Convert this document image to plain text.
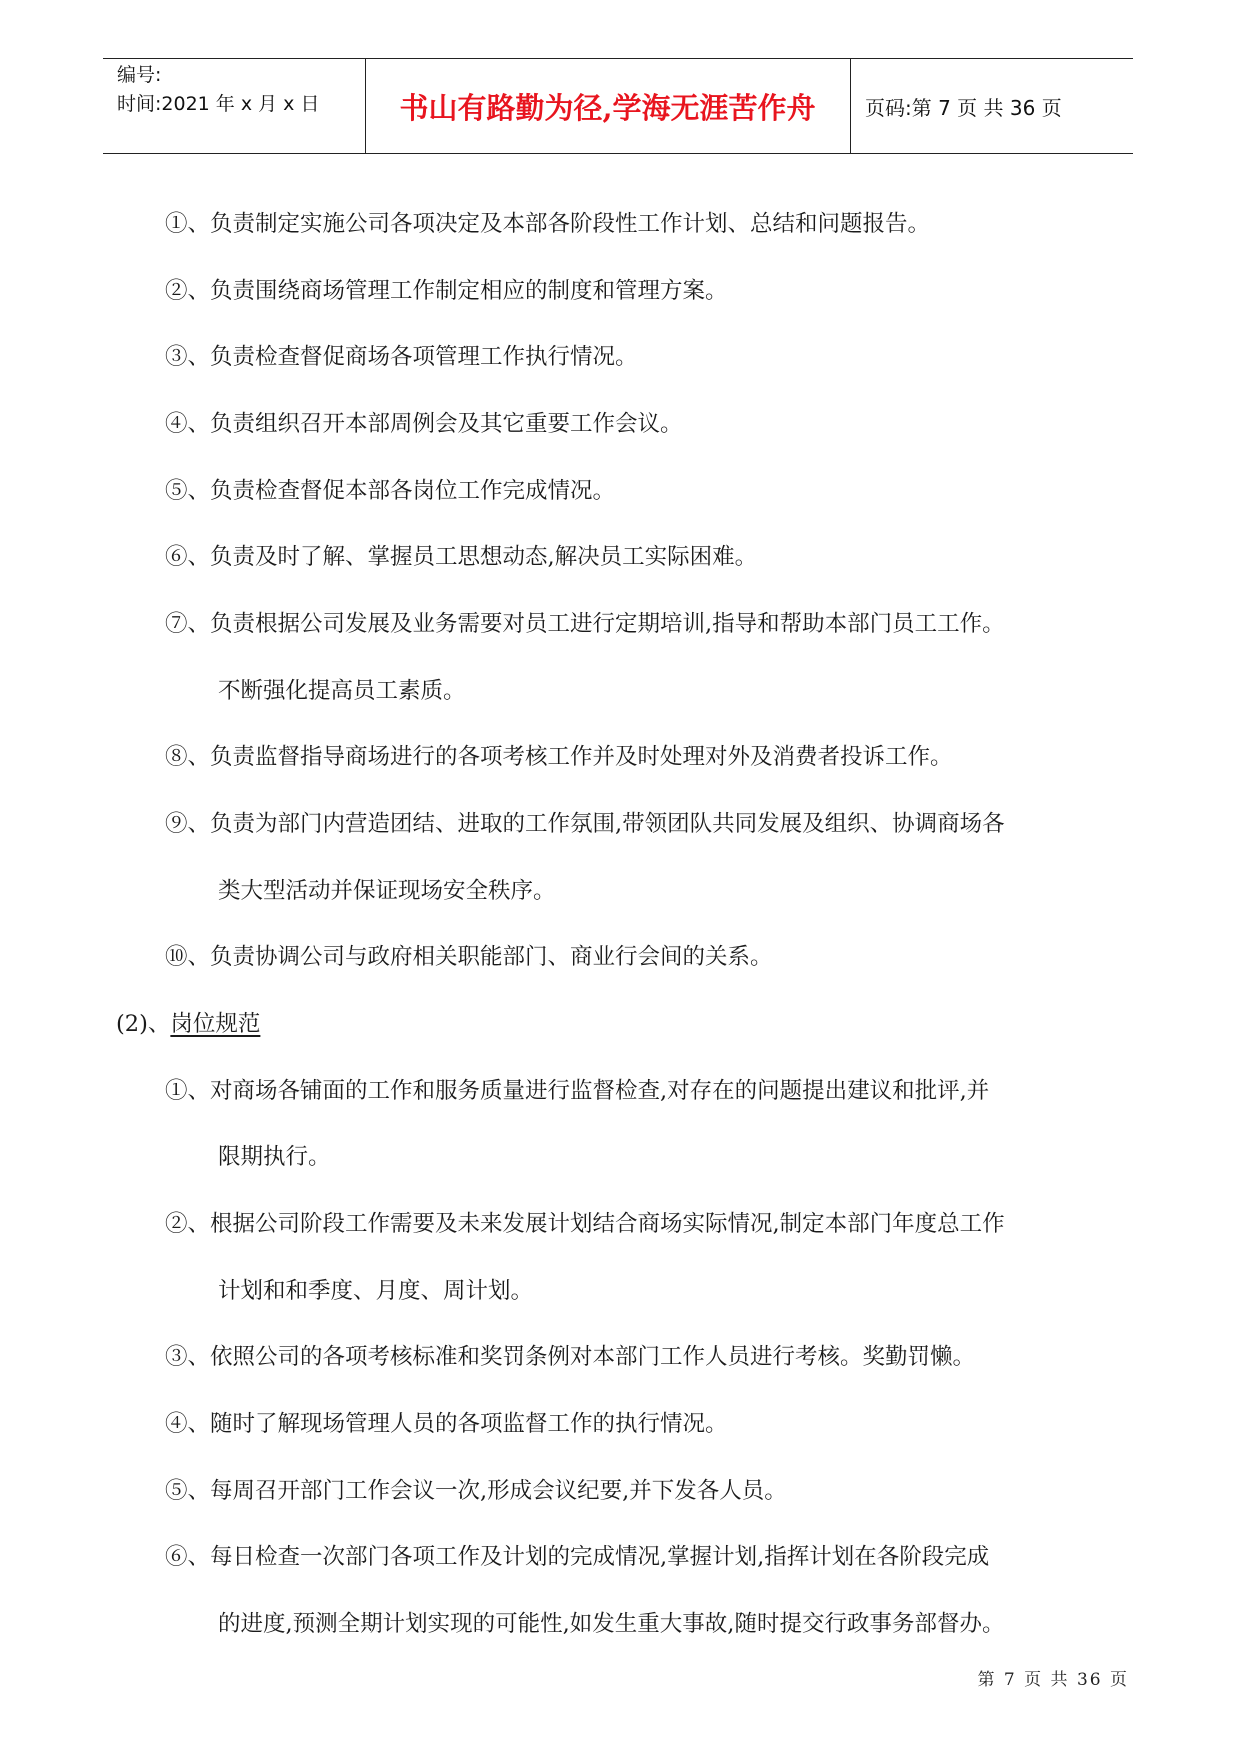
编号:
时间:2021 年 x 月 x 日	书山有路勤为径,学海无涯苦作舟	页码:第 7 页 共 36 页
①、负责制定实施公司各项决定及本部各阶段性工作计划、总结和问题报告。
②、负责围绕商场管理工作制定相应的制度和管理方案。
③、负责检查督促商场各项管理工作执行情况。
④、负责组织召开本部周例会及其它重要工作会议。
⑤、负责检查督促本部各岗位工作完成情况。
⑥、负责及时了解、掌握员工思想动态,解决员工实际困难。
⑦、负责根据公司发展及业务需要对员工进行定期培训,指导和帮助本部门员工工作。
不断强化提高员工素质。
⑧、负责监督指导商场进行的各项考核工作并及时处理对外及消费者投诉工作。
⑨、负责为部门内营造团结、进取的工作氛围,带领团队共同发展及组织、协调商场各
类大型活动并保证现场安全秩序。
⑩、负责协调公司与政府相关职能部门、商业行会间的关系。
(2)、岗位规范
①、对商场各铺面的工作和服务质量进行监督检查,对存在的问题提出建议和批评,并
限期执行。
②、根据公司阶段工作需要及未来发展计划结合商场实际情况,制定本部门年度总工作
计划和和季度、月度、周计划。
③、依照公司的各项考核标准和奖罚条例对本部门工作人员进行考核。奖勤罚懒。
④、随时了解现场管理人员的各项监督工作的执行情况。
⑤、每周召开部门工作会议一次,形成会议纪要,并下发各人员。
⑥、每日检查一次部门各项工作及计划的完成情况,掌握计划,指挥计划在各阶段完成
的进度,预测全期计划实现的可能性,如发生重大事故,随时提交行政事务部督办。
第 7 页 共 36 页
